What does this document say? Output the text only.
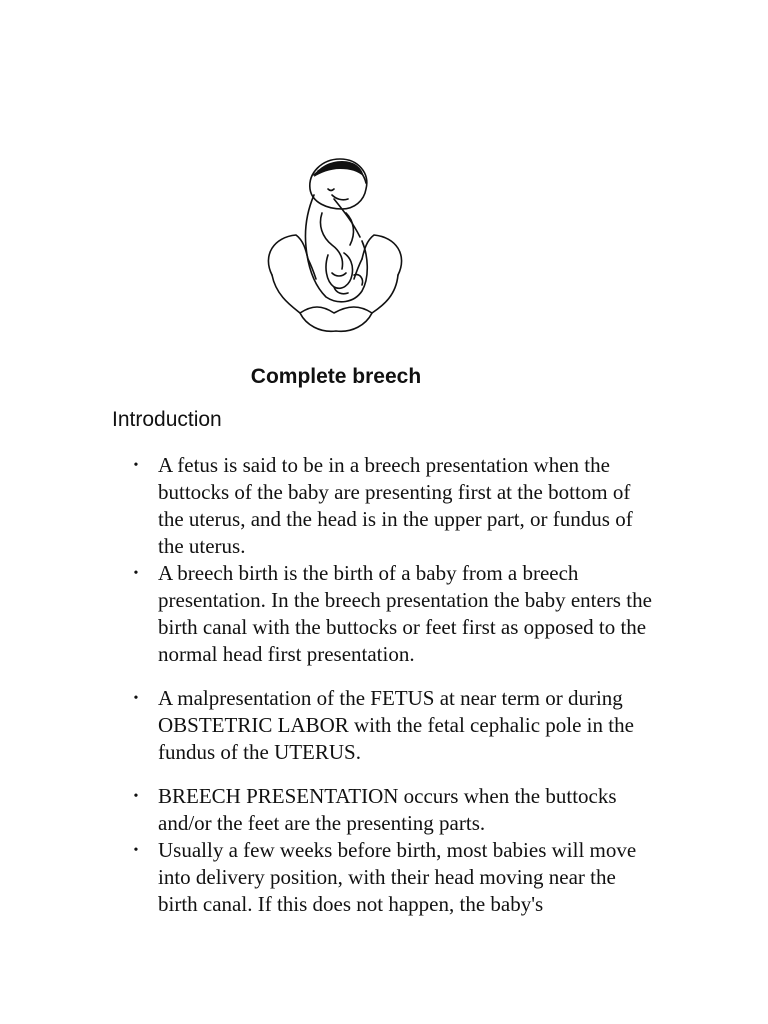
Complete breech
Introduction
• A fetus is said to be in a breech presentation when the buttocks of the baby are presenting first at the bottom of the uterus, and the head is in the upper part, or fundus of the uterus.
• A breech birth is the birth of a baby from a breech presentation. In the breech presentation the baby enters the birth canal with the buttocks or feet first as opposed to the normal head first presentation.
• A malpresentation of the FETUS at near term or during OBSTETRIC LABOR with the fetal cephalic pole in the fundus of the UTERUS.
• BREECH PRESENTATION occurs when the buttocks and/or the feet are the presenting parts.
• Usually a few weeks before birth, most babies will move into delivery position, with their head moving near the birth canal. If this does not happen, the baby's
